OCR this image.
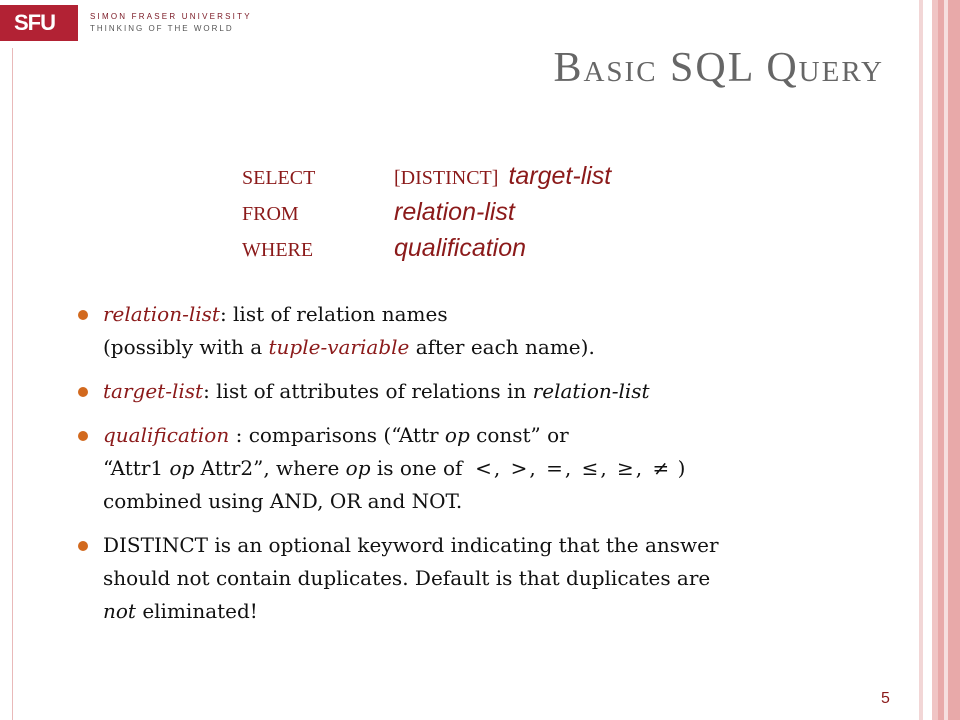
SFU	SIMON FRASER UNIVERSITY
THINKING OF THE WORLD
Basic SQL Query
SELECT	[DISTINCT] target-list
FROM	relation-list
WHERE	qualification
relation-list: list of relation names
(possibly with a tuple-variable after each name).
target-list: list of attributes of relations in relation-list
qualification : comparisons (“Attr op const” or
“Attr1 op Attr2”, where op is one of  <, >, =, ≤, ≥, ≠ )
combined using AND, OR and NOT.
DISTINCT is an optional keyword indicating that the answer
should not contain duplicates. Default is that duplicates are
not eliminated!
5
